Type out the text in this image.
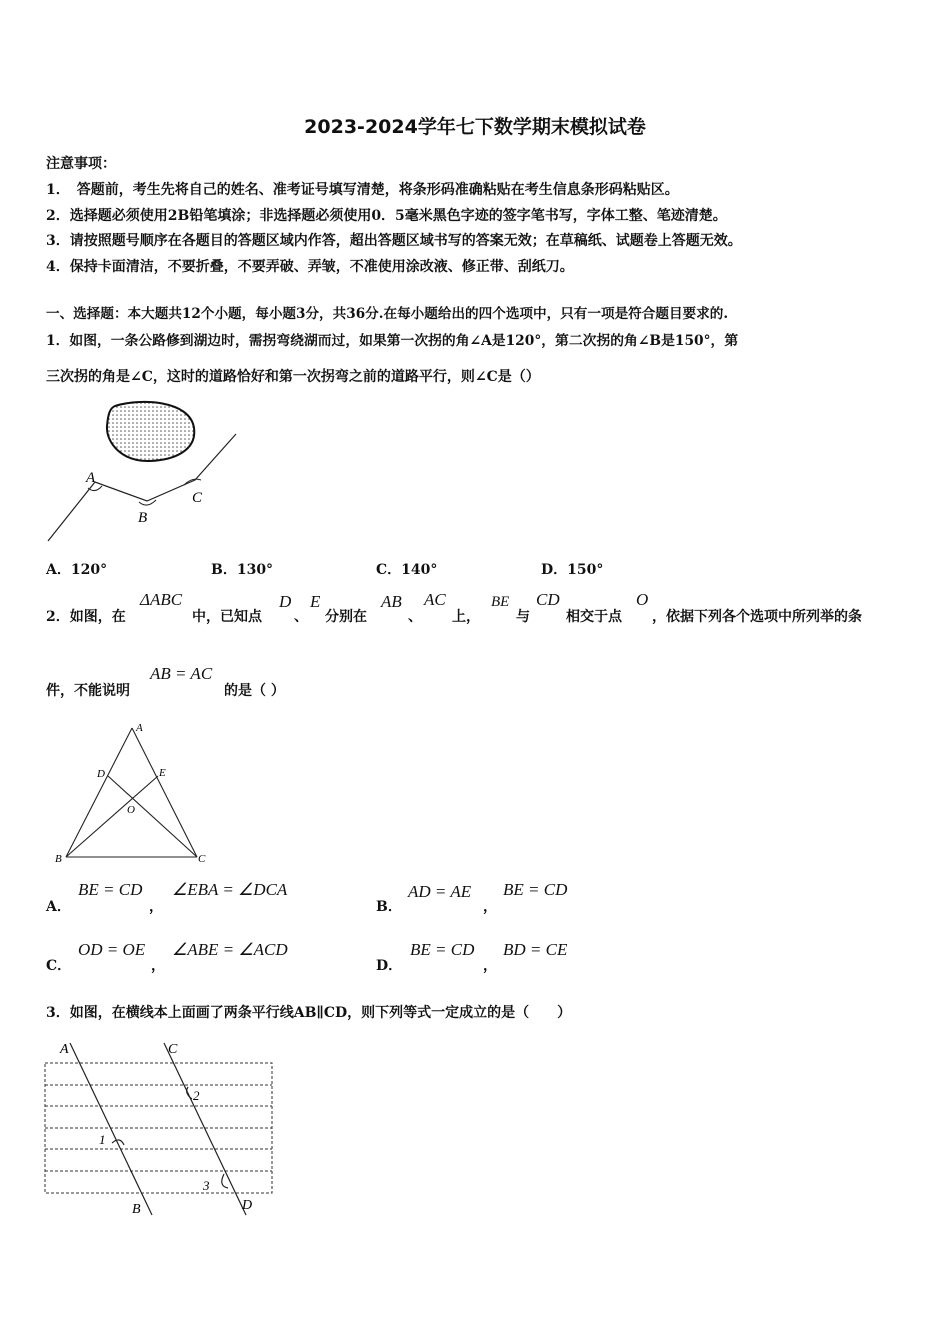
2023-2024学年七下数学期末模拟试卷
注意事项：
1．　答题前，考生先将自己的姓名、准考证号填写清楚，将条形码准确粘贴在考生信息条形码粘贴区。
2．选择题必须使用2B铅笔填涂；非选择题必须使用0．5毫米黑色字迹的签字笔书写，字体工整、笔迹清楚。
3．请按照题号顺序在各题目的答题区域内作答，超出答题区域书写的答案无效；在草稿纸、试题卷上答题无效。
4．保持卡面清洁，不要折叠，不要弄破、弄皱，不准使用涂改液、修正带、刮纸刀。
一、选择题：本大题共12个小题，每小题3分，共36分.在每小题给出的四个选项中，只有一项是符合题目要求的.
1．如图，一条公路修到湖边时，需拐弯绕湖而过，如果第一次拐的角∠A是120°，第二次拐的角∠B是150°，第
三次拐的角是∠C，这时的道路恰好和第一次拐弯之前的道路平行，则∠C是（）
A
B
C
A．120°	B．130°	C．140°	D．150°
2．如图，在
ΔABC
中，已知点
D
、
E
分别在
AB
、
AC
上，
BE
与
CD
相交于点
O
，依据下列各个选项中所列举的条
件，不能说明
AB = AC
的是（ ）
A
D	E
O
B	C
A．
BE = CD
，
∠EBA = ∠DCA
B．
AD = AE
，
BE = CD
C．
OD = OE
，
∠ABE = ∠ACD
D．
BE = CD
，
BD = CE
3．如图，在横线本上面画了两条平行线AB∥CD，则下列等式一定成立的是（　　）
A	C
B	D
1
2
3
